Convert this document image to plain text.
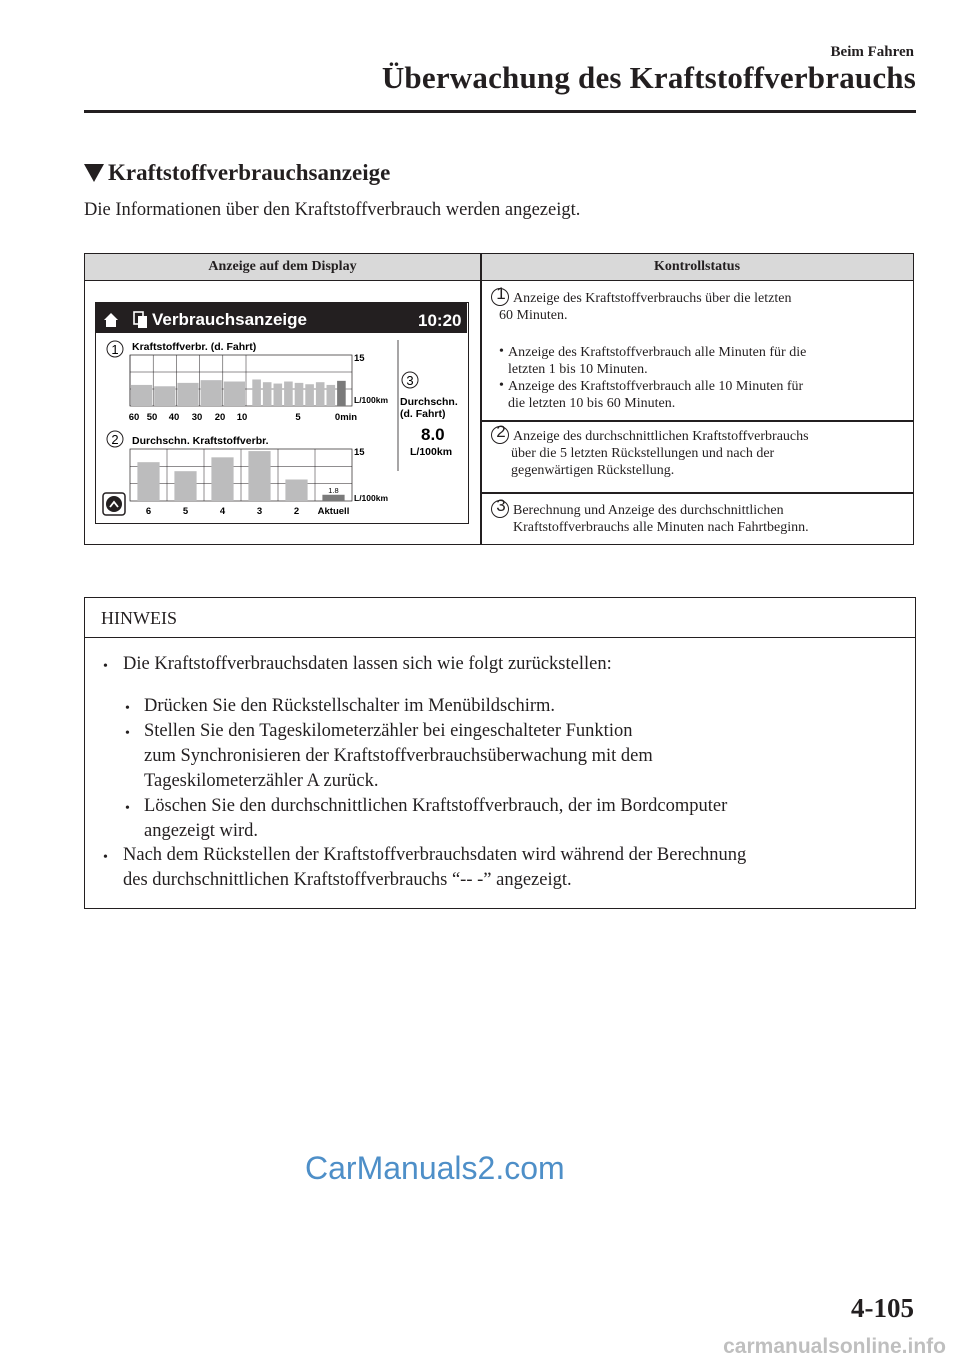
Beim Fahren
Überwachung des Kraftstoffverbrauchs
Kraftstoffverbrauchsanzeige
Die Informationen über den Kraftstoffverbrauch werden angezeigt.
Anzeige auf dem Display	Kontrollstatus
1 Anzeige des Kraftstoffverbrauchs über die letzten
60 Minuten.
• Anzeige des Kraftstoffverbrauch alle Minuten für die
letzten 1 bis 10 Minuten.
• Anzeige des Kraftstoffverbrauch alle 10 Minuten für
die letzten 10 bis 60 Minuten.
2 Anzeige des durchschnittlichen Kraftstoffverbrauchs
über die 5 letzten Rückstellungen und nach der
gegenwärtigen Rückstellung.
3 Berechnung und Anzeige des durchschnittlichen
Kraftstoffverbrauchs alle Minuten nach Fahrtbeginn.
Verbrauchsanzeige	10:20
1 Kraftstoffverbr. (d. Fahrt)
15
L/100km
60 50 40 30 20 10	5	0min
2 Durchschn. Kraftstoffverbr.
15
L/100km
1.8
6	5	4	3	2 Aktuell
3
Durchschn.
(d. Fahrt)
8.0
L/100km
HINWEIS
• Die Kraftstoffverbrauchsdaten lassen sich wie folgt zurückstellen:
• Drücken Sie den Rückstellschalter im Menübildschirm.
• Stellen Sie den Tageskilometerzähler bei eingeschalteter Funktion
zum Synchronisieren der Kraftstoffverbrauchsüberwachung mit dem
Tageskilometerzähler A zurück.
• Löschen Sie den durchschnittlichen Kraftstoffverbrauch, der im Bordcomputer
angezeigt wird.
• Nach dem Rückstellen der Kraftstoffverbrauchsdaten wird während der Berechnung
des durchschnittlichen Kraftstoffverbrauchs “-- -” angezeigt.
CarManuals2.com
4-105
carmanualsonline.info
